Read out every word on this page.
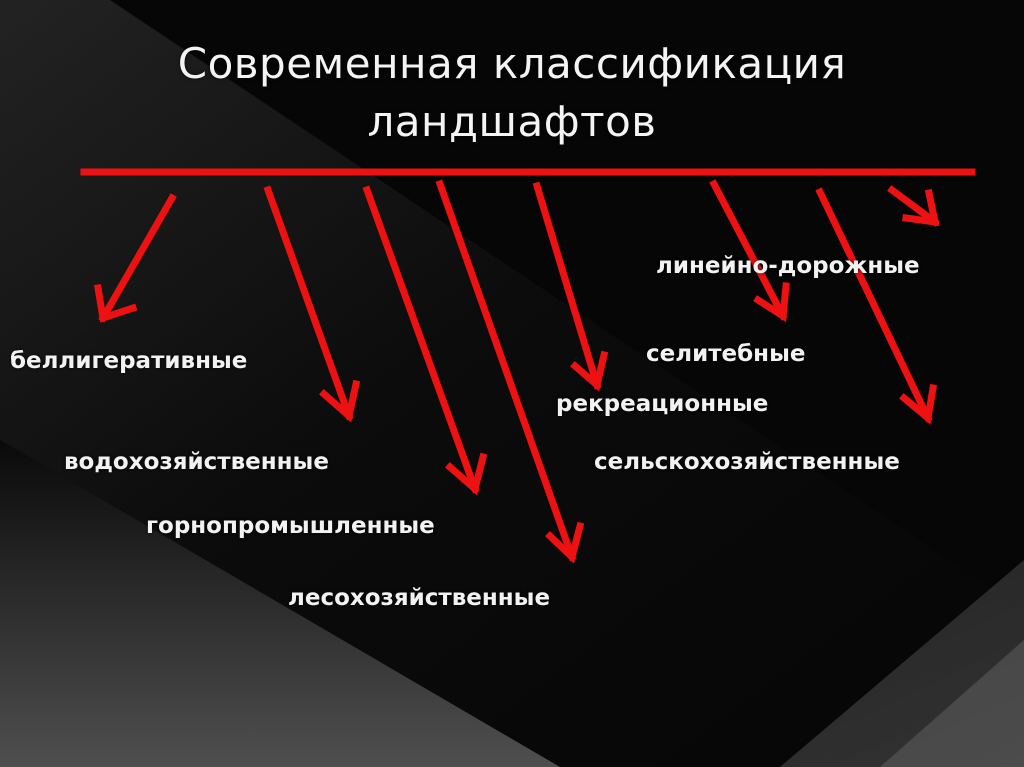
Современная классификация
ландшафтов
линейно-дорожные
селитебные
беллигеративные
рекреационные
водохозяйственные	сельскохозяйственные
горнопромышленные
лесохозяйственные
